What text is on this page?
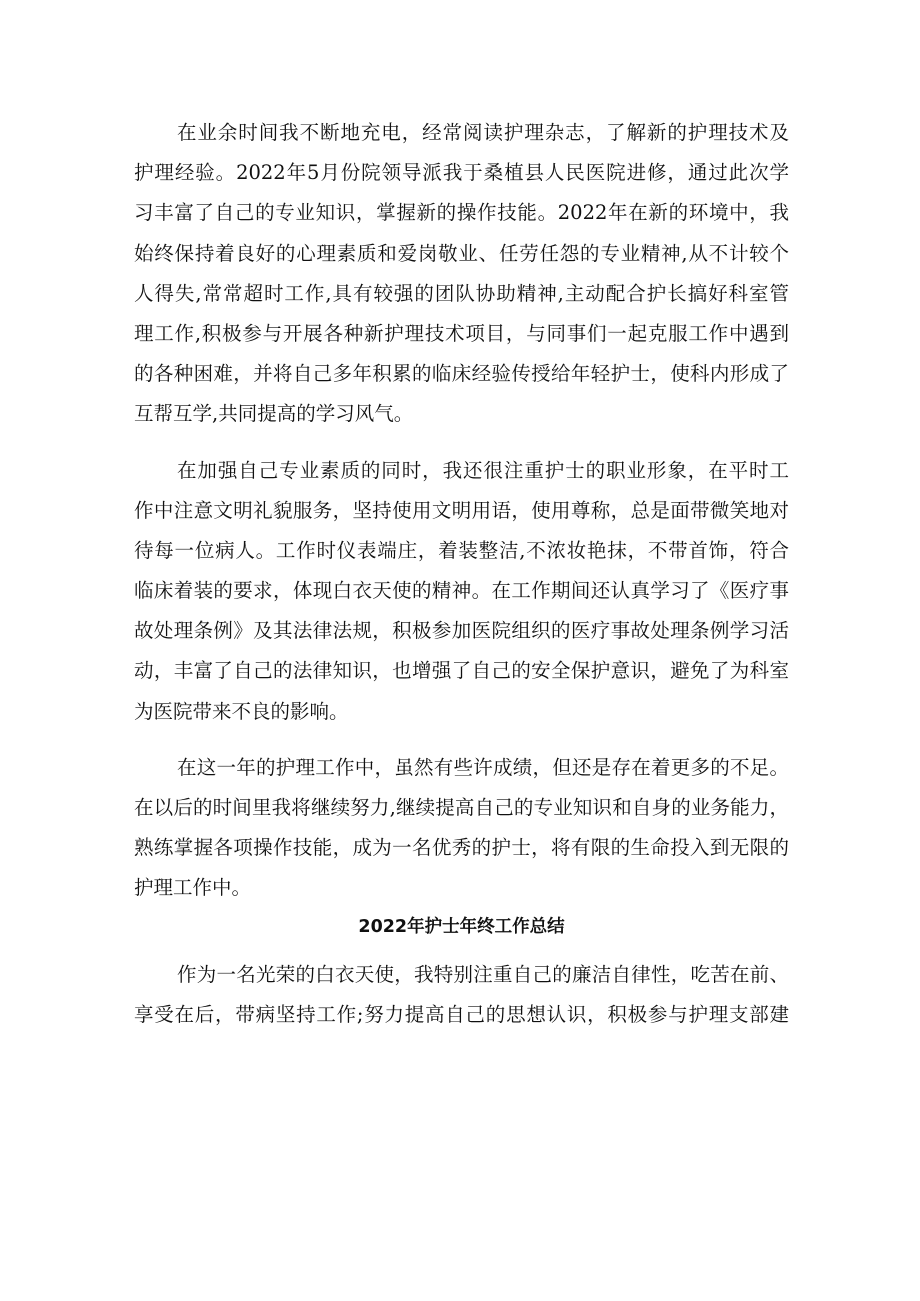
在业余时间我不断地充电，经常阅读护理杂志，了解新的护理技术及
护理经验。2022年5月份院领导派我于桑植县人民医院进修，通过此次学
习丰富了自己的专业知识，掌握新的操作技能。2022年在新的环境中，我
始终保持着良好的心理素质和爱岗敬业、任劳任怨的专业精神,从不计较个
人得失,常常超时工作,具有较强的团队协助精神,主动配合护长搞好科室管
理工作,积极参与开展各种新护理技术项目，与同事们一起克服工作中遇到
的各种困难，并将自己多年积累的临床经验传授给年轻护士，使科内形成了
互帮互学,共同提高的学习风气。
在加强自己专业素质的同时，我还很注重护士的职业形象，在平时工
作中注意文明礼貌服务，坚持使用文明用语，使用尊称，总是面带微笑地对
待每一位病人。工作时仪表端庄，着装整洁,不浓妆艳抹，不带首饰，符合
临床着装的要求，体现白衣天使的精神。在工作期间还认真学习了《医疗事
故处理条例》及其法律法规，积极参加医院组织的医疗事故处理条例学习活
动，丰富了自己的法律知识，也增强了自己的安全保护意识，避免了为科室
为医院带来不良的影响。
在这一年的护理工作中，虽然有些许成绩，但还是存在着更多的不足。
在以后的时间里我将继续努力,继续提高自己的专业知识和自身的业务能力，
熟练掌握各项操作技能，成为一名优秀的护士，将有限的生命投入到无限的
护理工作中。
2022年护士年终工作总结
作为一名光荣的白衣天使，我特别注重自己的廉洁自律性，吃苦在前、
享受在后，带病坚持工作;努力提高自己的思想认识，积极参与护理支部建
